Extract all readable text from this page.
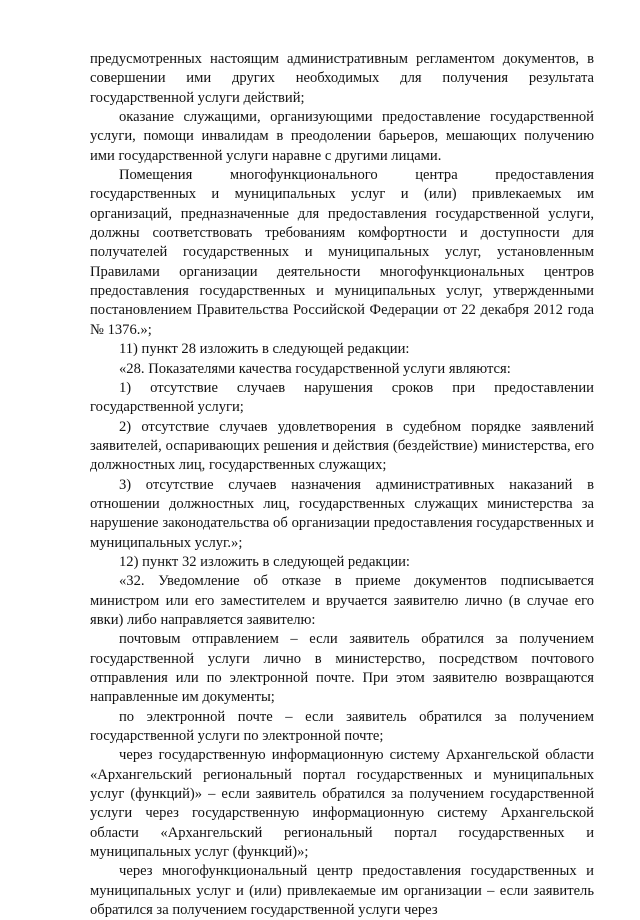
предусмотренных настоящим административным регламентом документов, в совершении ими других необходимых для получения результата государственной услуги действий;

оказание служащими, организующими предоставление государственной услуги, помощи инвалидам в преодолении барьеров, мешающих получению ими государственной услуги наравне с другими лицами.

Помещения многофункционального центра предоставления государственных и муниципальных услуг и (или) привлекаемых им организаций, предназначенные для предоставления государственной услуги, должны соответствовать требованиям комфортности и доступности для получателей государственных и муниципальных услуг, установленным Правилами организации деятельности многофункциональных центров предоставления государственных и муниципальных услуг, утвержденными постановлением Правительства Российской Федерации от 22 декабря 2012 года № 1376.»;

11) пункт 28 изложить в следующей редакции:

«28. Показателями качества государственной услуги являются:

1) отсутствие случаев нарушения сроков при предоставлении государственной услуги;

2) отсутствие случаев удовлетворения в судебном порядке заявлений заявителей, оспаривающих решения и действия (бездействие) министерства, его должностных лиц, государственных служащих;

3) отсутствие случаев назначения административных наказаний в отношении должностных лиц, государственных служащих министерства за нарушение законодательства об организации предоставления государственных и муниципальных услуг.»;

12) пункт 32 изложить в следующей редакции:

«32. Уведомление об отказе в приеме документов подписывается министром или его заместителем и вручается заявителю лично (в случае его явки) либо направляется заявителю:

почтовым отправлением – если заявитель обратился за получением государственной услуги лично в министерство, посредством почтового отправления или по электронной почте. При этом заявителю возвращаются направленные им документы;

по электронной почте – если заявитель обратился за получением государственной услуги по электронной почте;

через государственную информационную систему Архангельской области «Архангельский региональный портал государственных и муниципальных услуг (функций)» – если заявитель обратился за получением государственной услуги через государственную информационную систему Архангельской области «Архангельский региональный портал государственных и муниципальных услуг (функций)»;

через многофункциональный центр предоставления государственных и муниципальных услуг и (или) привлекаемые им организации – если заявитель обратился за получением государственной услуги через
